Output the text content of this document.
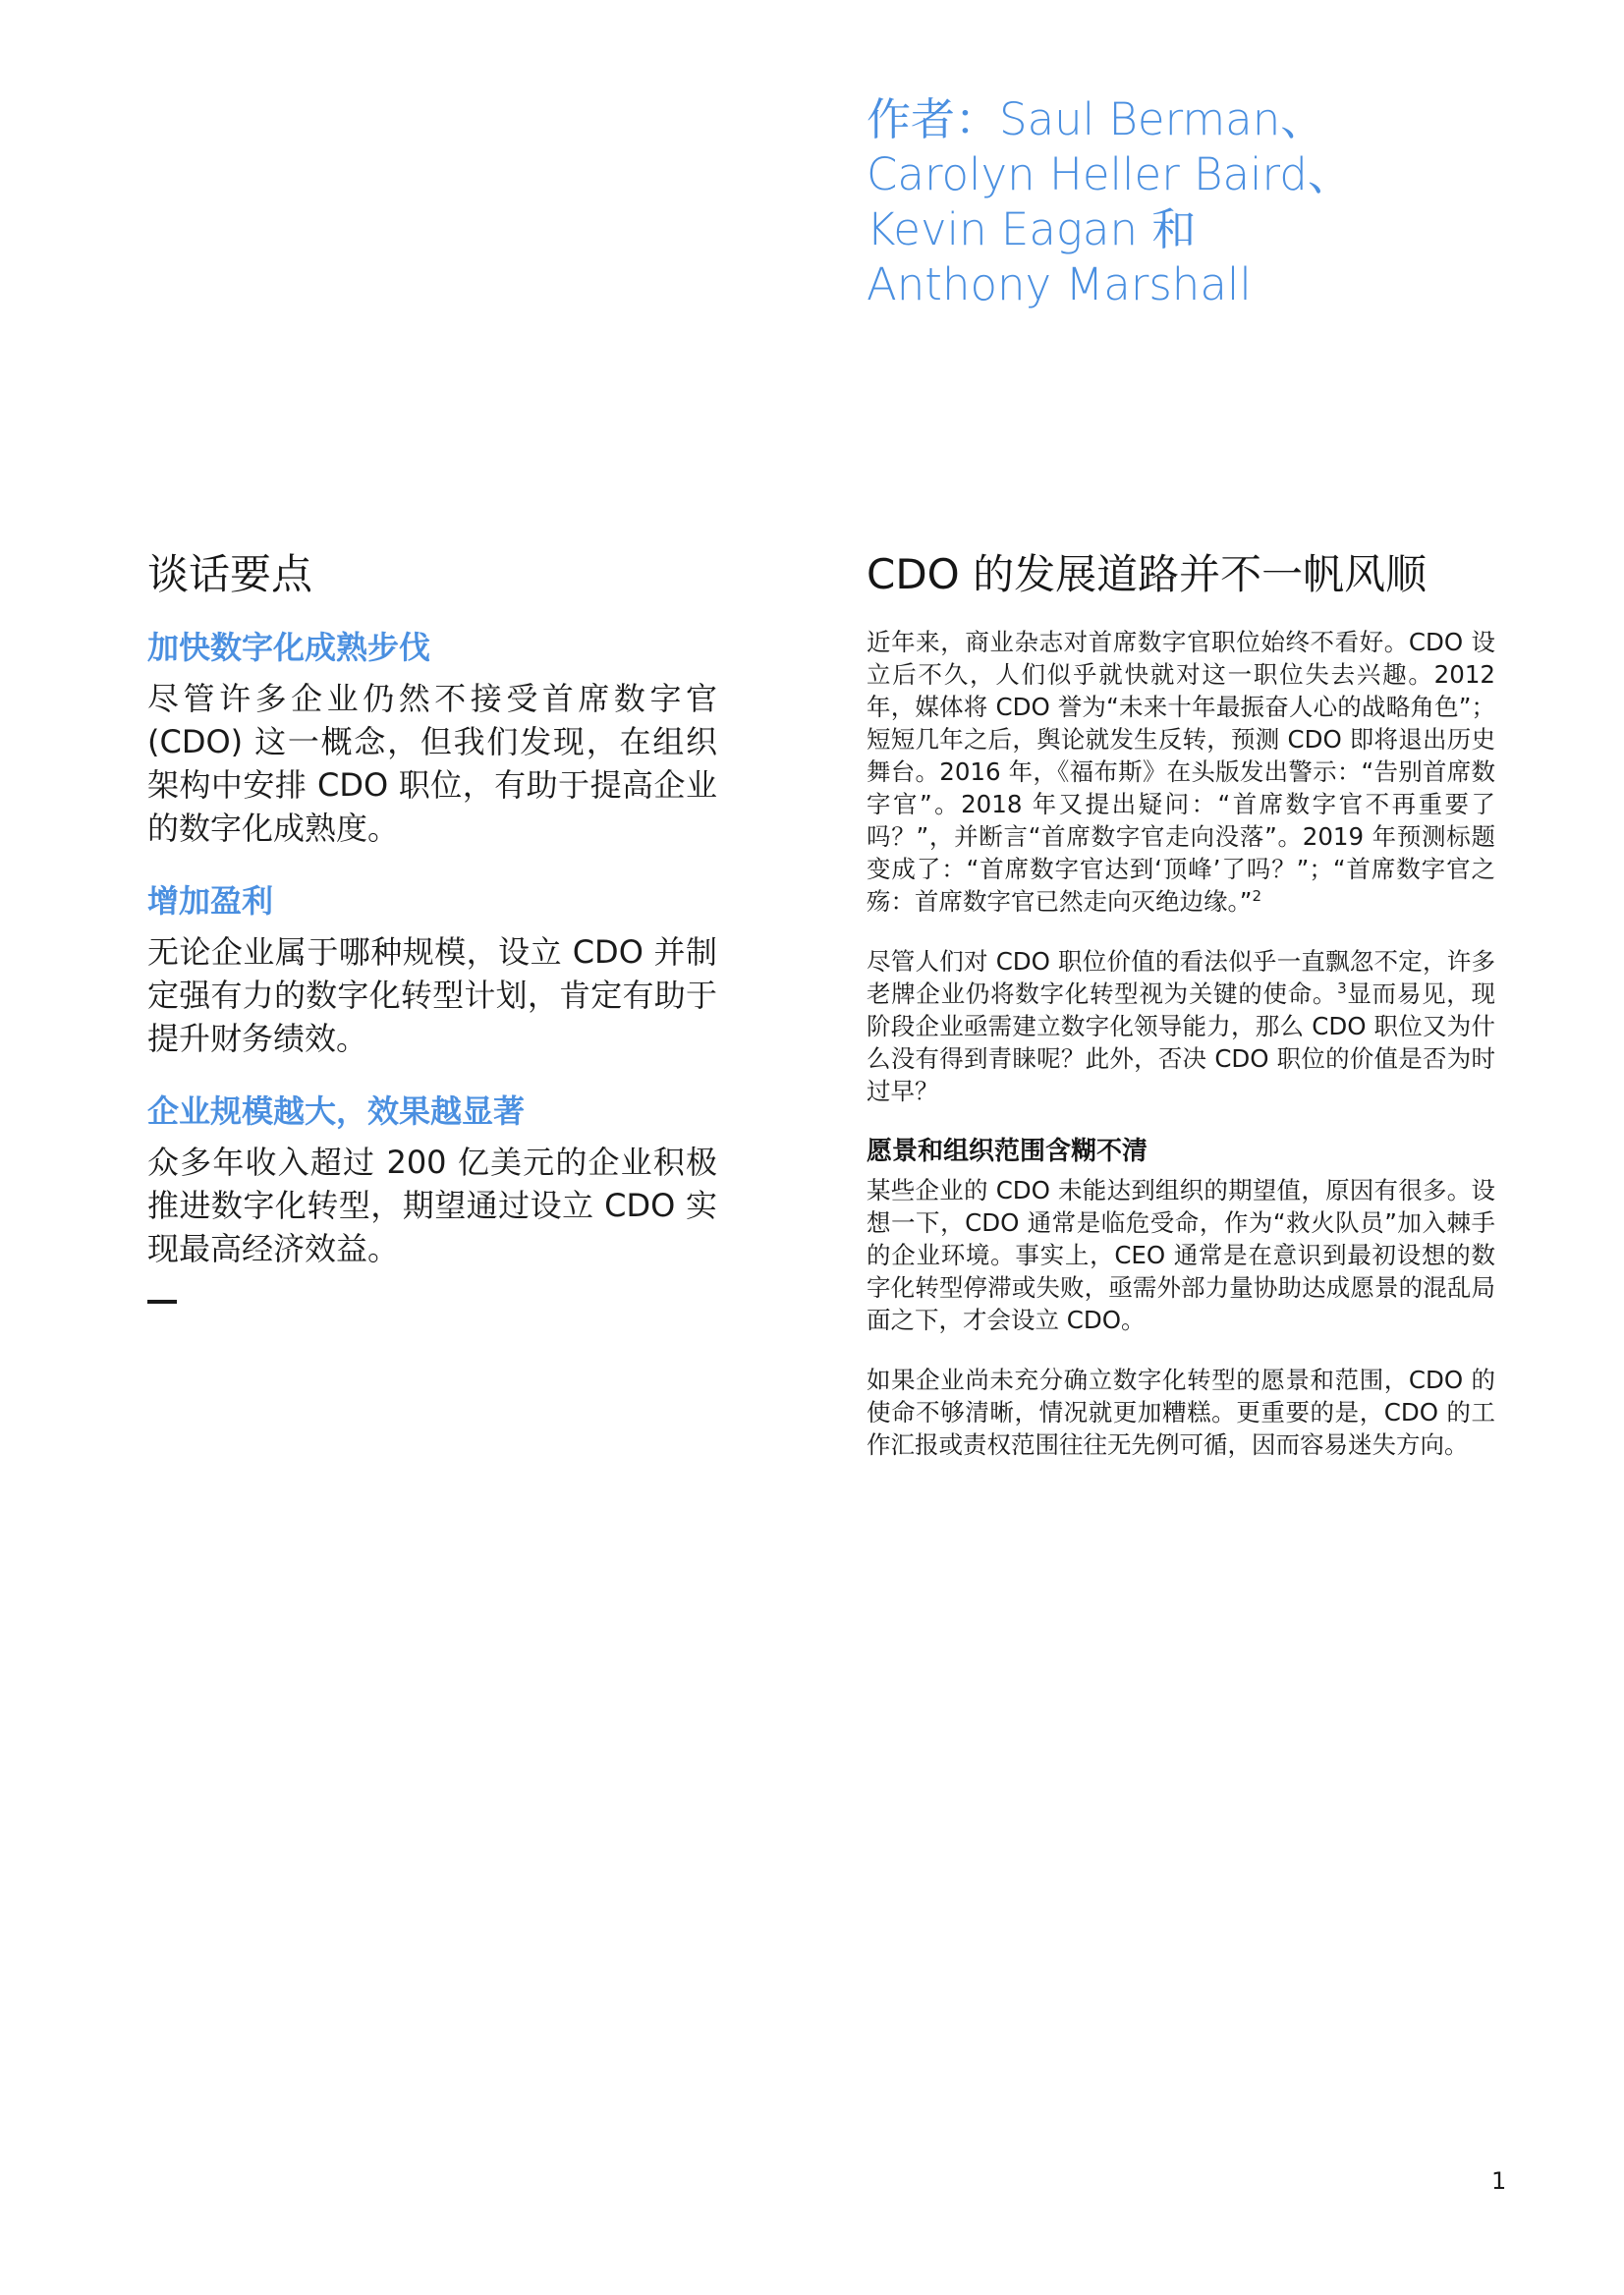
作者：Saul Berman、
Carolyn Heller Baird、
Kevin Eagan 和
Anthony Marshall
谈话要点
加快数字化成熟步伐

尽管许多企业仍然不接受首席数字官 (CDO) 这一概念，但我们发现，在组织架构中安排 CDO 职位，有助于提高企业的数字化成熟度。

增加盈利

无论企业属于哪种规模，设立 CDO 并制定强有力的数字化转型计划，肯定有助于提升财务绩效。

企业规模越大，效果越显著

众多年收入超过 200 亿美元的企业积极推进数字化转型，期望通过设立 CDO 实现最高经济效益。

CDO 的发展道路并不一帆风顺

近年来，商业杂志对首席数字官职位始终不看好。CDO 设立后不久，人们似乎就快就对这一职位失去兴趣。2012 年，媒体将 CDO 誉为“未来十年最振奋人心的战略角色”；短短几年之后，舆论就发生反转，预测 CDO 即将退出历史舞台。2016 年，《福布斯》在头版发出警示：“告别首席数字官”。2018 年又提出疑问：“首席数字官不再重要了吗？”，并断言“首席数字官走向没落”。2019 年预测标题变成了：“首席数字官达到‘顶峰’了吗？”；“首席数字官之殇：首席数字官已然走向灭绝边缘。”$^2$

尽管人们对 CDO 职位价值的看法似乎一直飘忽不定，许多老牌企业仍将数字化转型视为关键的使命。$^3$显而易见，现阶段企业亟需建立数字化领导能力，那么 CDO 职位又为什么没有得到青睐呢？此外，否决 CDO 职位的价值是否为时过早？

愿景和组织范围含糊不清

某些企业的 CDO 未能达到组织的期望值，原因有很多。设想一下，CDO 通常是临危受命，作为“救火队员”加入棘手的企业环境。事实上，CEO 通常是在意识到最初设想的数字化转型停滞或失败，亟需外部力量协助达成愿景的混乱局面之下，才会设立 CDO。

如果企业尚未充分确立数字化转型的愿景和范围，CDO 的使命不够清晰，情况就更加糟糕。更重要的是，CDO 的工作汇报或责权范围往往无先例可循，因而容易迷失方向。

1
